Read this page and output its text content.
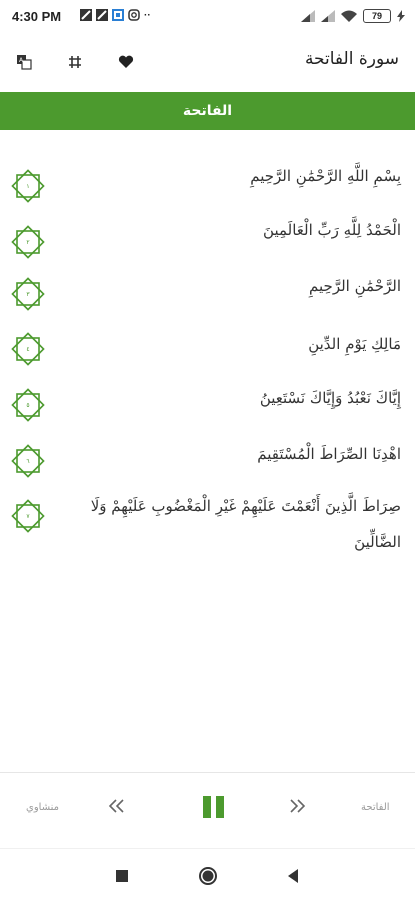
4:30 PM	··	79
A	سورة الفاتحة
الفاتحة
بِسْمِ اللَّهِ الرَّحْمَٰنِ الرَّحِيمِ
١
الْحَمْدُ لِلَّهِ رَبِّ الْعَالَمِينَ
٢
الرَّحْمَٰنِ الرَّحِيمِ
٣
مَالِكِ يَوْمِ الدِّينِ
٤
إِيَّاكَ نَعْبُدُ وَإِيَّاكَ نَسْتَعِينُ
٥
اهْدِنَا الصِّرَاطَ الْمُسْتَقِيمَ
٦
صِرَاطَ الَّذِينَ أَنْعَمْتَ عَلَيْهِمْ غَيْرِ الْمَغْضُوبِ عَلَيْهِمْ وَلَا الضَّالِّينَ
٧
منشاوي	الفاتحة
